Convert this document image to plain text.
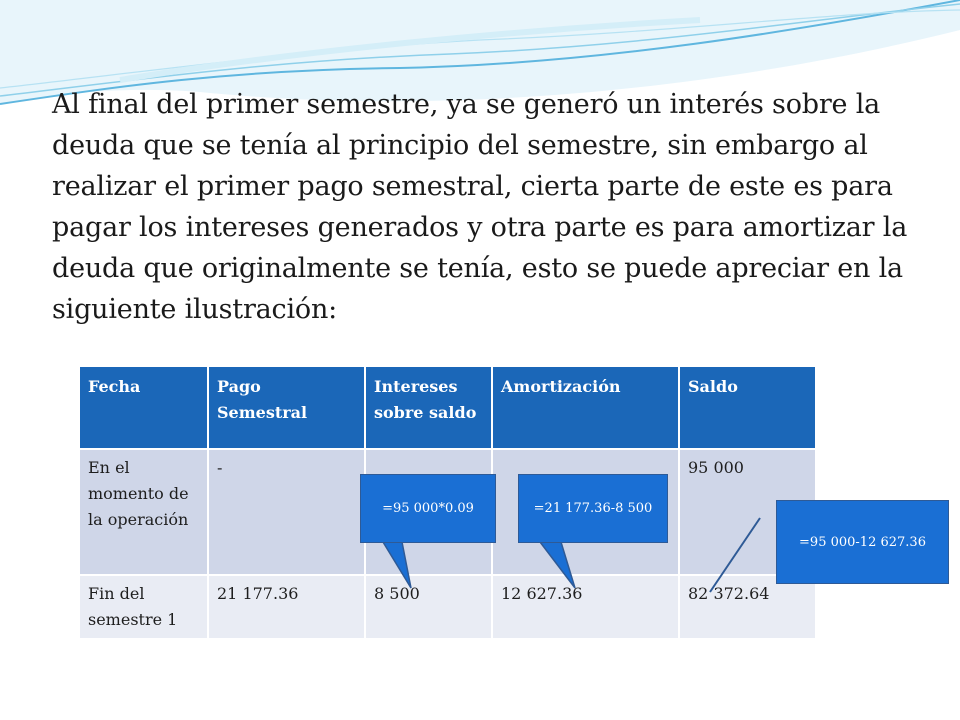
Al final del primer semestre, ya se generó un interés sobre la deuda que se tenía al principio del semestre, sin embargo al realizar el primer pago semestral, cierta parte de este es para pagar los intereses generados y otra parte es para amortizar la deuda que originalmente se tenía, esto se puede apreciar en la siguiente ilustración:

Fecha	Pago Semestral	Intereses sobre saldo	Amortización	Saldo
En el momento de la operación	-			95 000
Fin del semestre 1	21 177.36	8 500	12 627.36	82 372.64
=95 000*0.09	=21 177.36-8 500
=95 000-12 627.36
